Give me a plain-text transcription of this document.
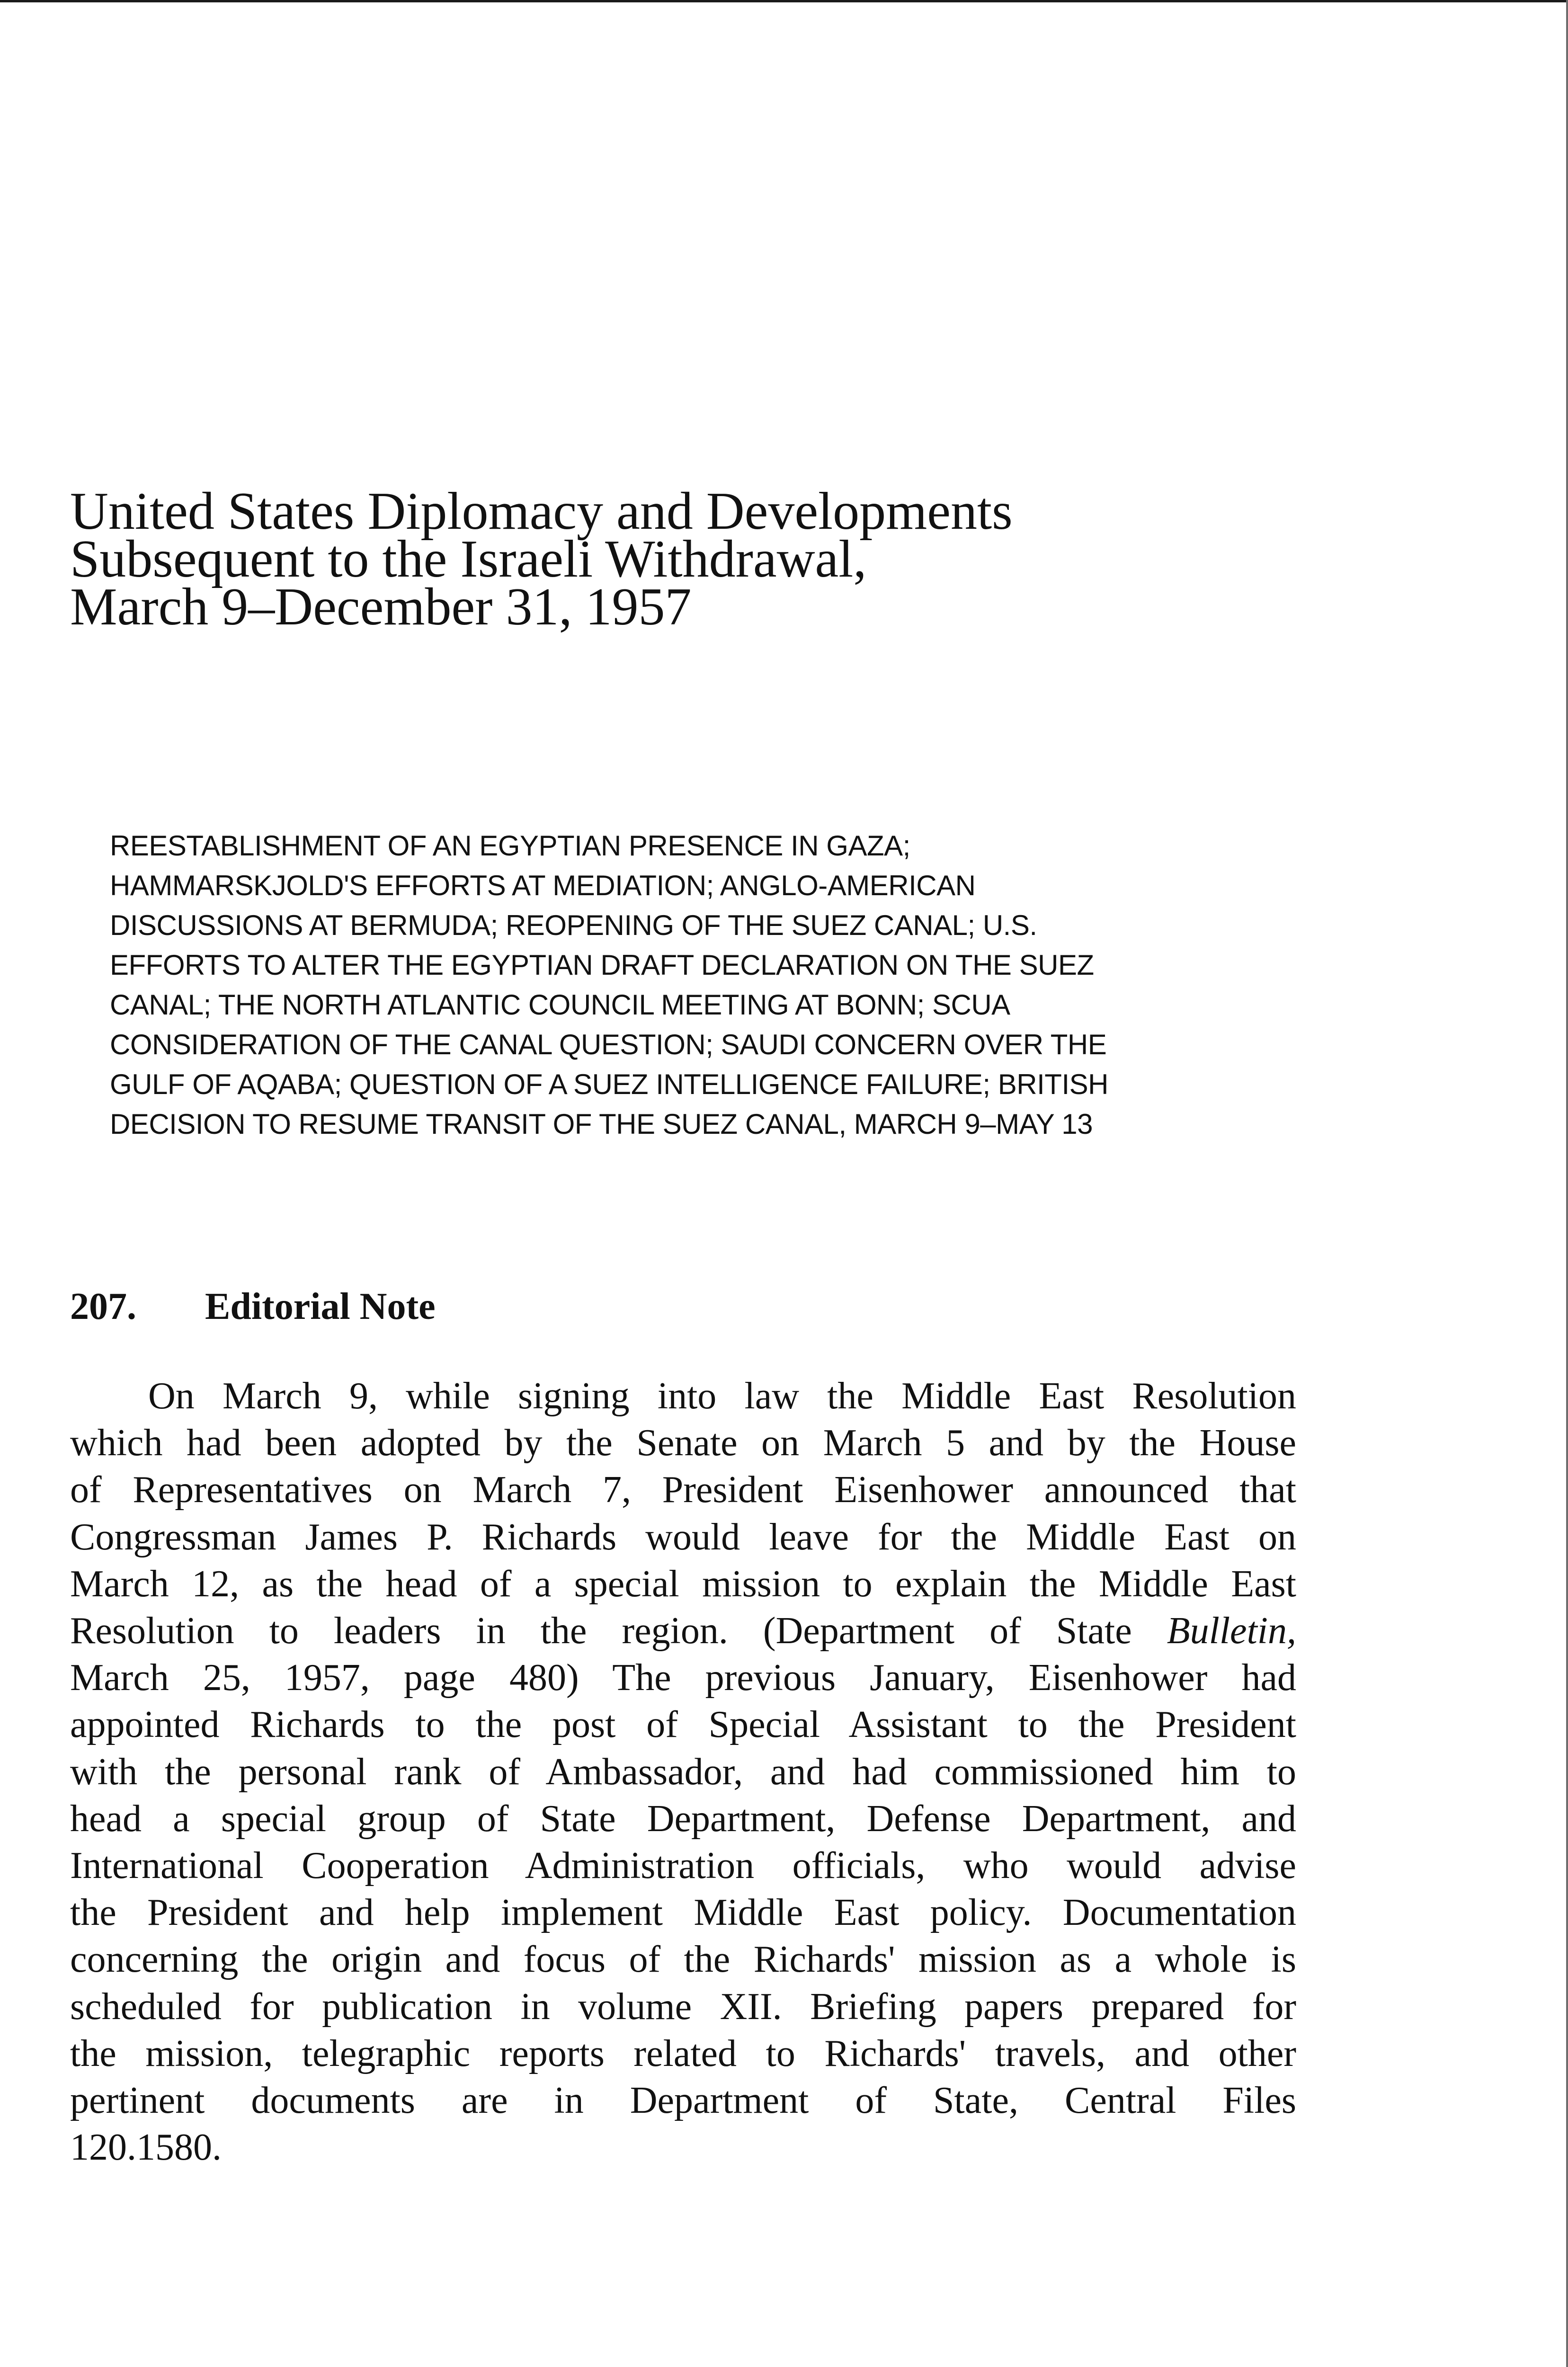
United States Diplomacy and Developments
Subsequent to the Israeli Withdrawal,
March 9–December 31, 1957
REESTABLISHMENT OF AN EGYPTIAN PRESENCE IN GAZA;
HAMMARSKJOLD'S EFFORTS AT MEDIATION; ANGLO-AMERICAN
DISCUSSIONS AT BERMUDA; REOPENING OF THE SUEZ CANAL; U.S.
EFFORTS TO ALTER THE EGYPTIAN DRAFT DECLARATION ON THE SUEZ
CANAL; THE NORTH ATLANTIC COUNCIL MEETING AT BONN; SCUA
CONSIDERATION OF THE CANAL QUESTION; SAUDI CONCERN OVER THE
GULF OF AQABA; QUESTION OF A SUEZ INTELLIGENCE FAILURE; BRITISH
DECISION TO RESUME TRANSIT OF THE SUEZ CANAL, MARCH 9–MAY 13
207. Editorial Note
On March 9, while signing into law the Middle East Resolution
which had been adopted by the Senate on March 5 and by the House
of Representatives on March 7, President Eisenhower announced that
Congressman James P. Richards would leave for the Middle East on
March 12, as the head of a special mission to explain the Middle East
Resolution to leaders in the region. (Department of State Bulletin,
March 25, 1957, page 480) The previous January, Eisenhower had
appointed Richards to the post of Special Assistant to the President
with the personal rank of Ambassador, and had commissioned him to
head a special group of State Department, Defense Department, and
International Cooperation Administration officials, who would advise
the President and help implement Middle East policy. Documentation
concerning the origin and focus of the Richards' mission as a whole is
scheduled for publication in volume XII. Briefing papers prepared for
the mission, telegraphic reports related to Richards' travels, and other
pertinent documents are in Department of State, Central Files
120.1580.
